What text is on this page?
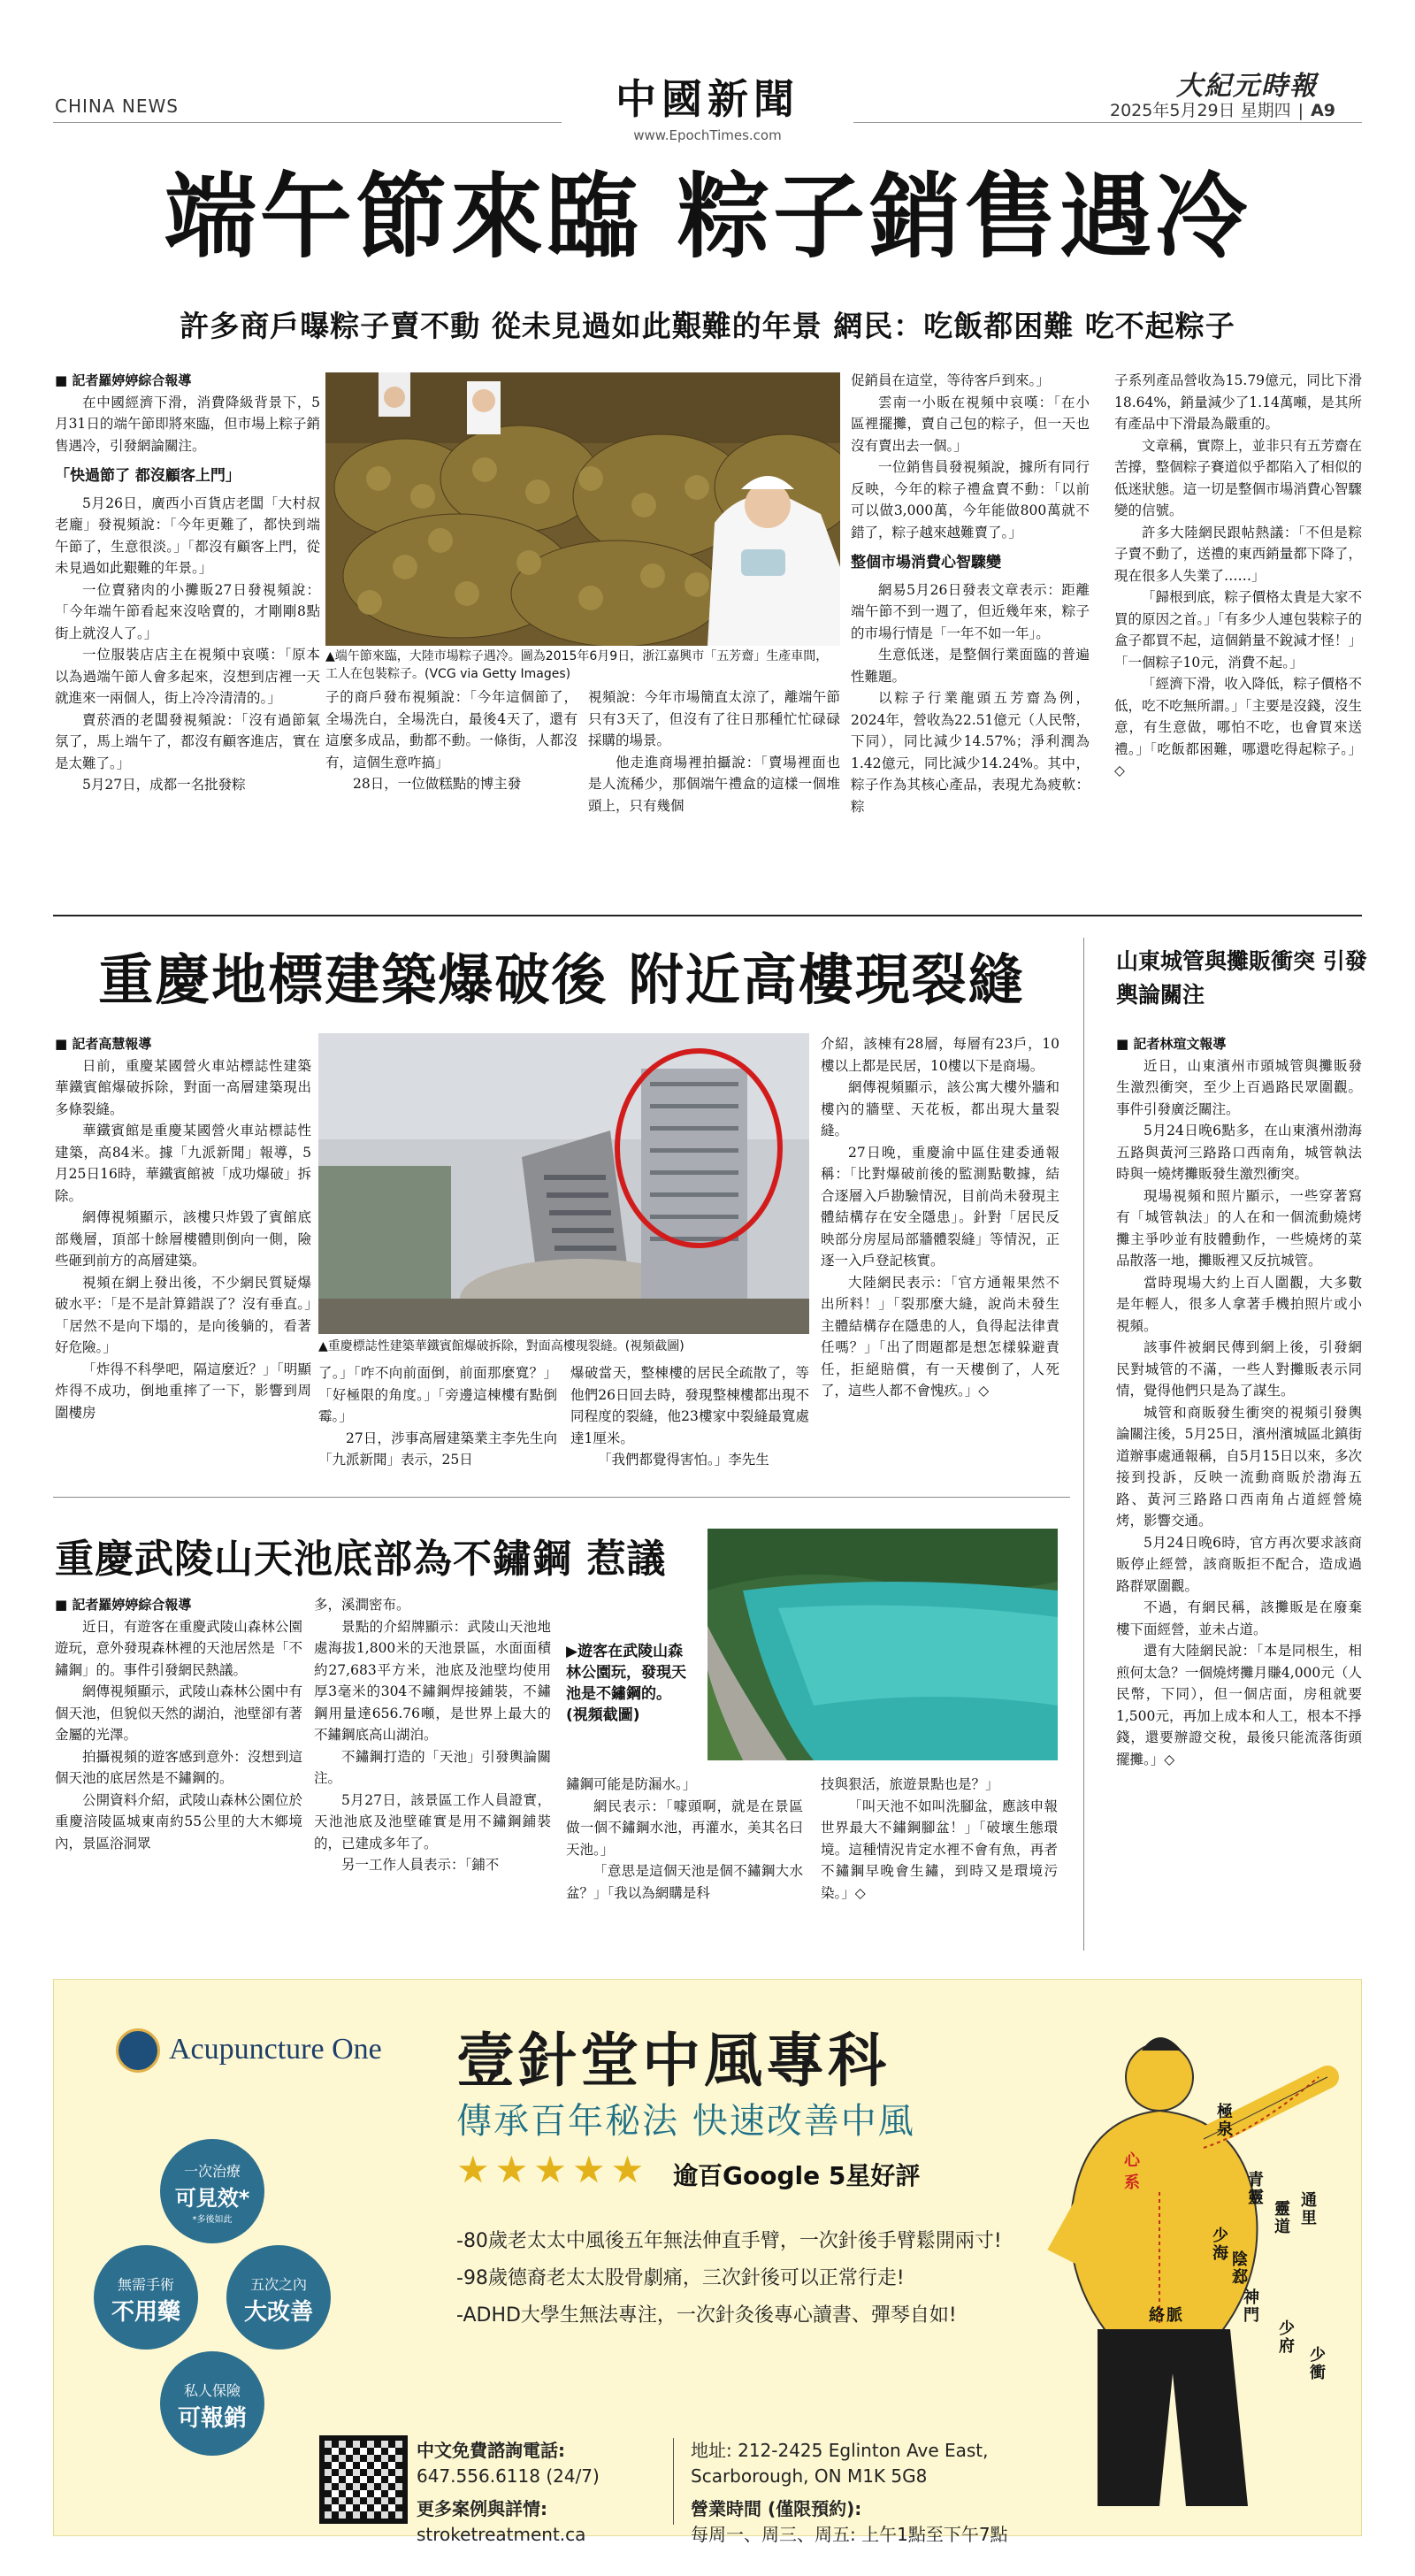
CHINA NEWS	中國新聞
www.EpochTimes.com
大紀元時報
2025年5月29日 星期四 | A9
端午節來臨 粽子銷售遇冷
許多商戶曝粽子賣不動 從未見過如此艱難的年景 網民：吃飯都困難 吃不起粽子

■ 記者羅婷婷綜合報導

在中國經濟下滑，消費降級背景下，5月31日的端午節即將來臨，但市場上粽子銷售遇冷，引發網論關注。

「快過節了 都沒顧客上門」

5月26日，廣西小百貨店老闆「大村叔老龐」發視頻說：「今年更難了，都快到端午節了，生意很淡。」「都沒有顧客上門，從未見過如此艱難的年景。」

一位賣豬肉的小攤販27日發視頻說：「今年端午節看起來沒啥賣的，才剛剛8點街上就沒人了。」

一位服裝店店主在視頻中哀嘆：「原本以為過端午節人會多起來，沒想到店裡一天就進來一兩個人，街上冷冷清清的。」

賣菸酒的老闆發視頻說：「沒有過節氣氛了，馬上端午了，都沒有顧客進店，實在是太難了。」

5月27日，成都一名批發粽

▲端午節來臨，大陸市場粽子遇冷。圖為2015年6月9日，浙江嘉興市「五芳齋」生產車間，工人在包裝粽子。(VCG via Getty Images)

子的商戶發布視頻說：「今年這個節了，全場洗白，全場洗白，最後4天了，還有這麼多成品，動都不動。一條街，人都沒有，這個生意咋搞」

28日，一位做糕點的博主發

視頻說：今年市場簡直太涼了，離端午節只有3天了，但沒有了往日那種忙忙碌碌採購的場景。

他走進商場裡拍攝說：「賣場裡面也是人流稀少，那個端午禮盒的這樣一個堆頭上，只有幾個

促銷員在這堂，等待客戶到來。」

雲南一小販在視頻中哀嘆：「在小區裡擺攤，賣自己包的粽子，但一天也沒有賣出去一個。」

一位銷售員發視頻說，據所有同行反映，今年的粽子禮盒賣不動：「以前可以做3,000萬，今年能做800萬就不錯了，粽子越來越難賣了。」

整個市場消費心智驟變

網易5月26日發表文章表示：距離端午節不到一週了，但近幾年來，粽子的市場行情是「一年不如一年」。

生意低迷，是整個行業面臨的普遍性難題。

以粽子行業龍頭五芳齋為例，2024年，營收為22.51億元（人民幣，下同），同比減少14.57%；淨利潤為1.42億元，同比減少14.24%。其中，粽子作為其核心產品，表現尤為疲軟：粽

子系列產品營收為15.79億元，同比下滑18.64%，銷量減少了1.14萬噸，是其所有產品中下滑最為嚴重的。

文章稱，實際上，並非只有五芳齋在苦撐，整個粽子賽道似乎都陷入了相似的低迷狀態。這一切是整個市場消費心智驟變的信號。

許多大陸網民跟帖熱議：「不但是粽子賣不動了，送禮的東西銷量都下降了，現在很多人失業了……」

「歸根到底，粽子價格太貴是大家不買的原因之首。」「有多少人連包裝粽子的盒子都買不起，這個銷量不銳減才怪！」「一個粽子10元，消費不起。」

「經濟下滑，收入降低，粽子價格不低，吃不吃無所謂。」「主要是沒錢，沒生意，有生意做，哪怕不吃，也會買來送禮。」「吃飯都困難，哪還吃得起粽子。」◇

重慶地標建築爆破後 附近高樓現裂縫

■ 記者高慧報導

日前，重慶某國營火車站標誌性建築華鐵賓館爆破拆除，對面一高層建築現出多條裂縫。

華鐵賓館是重慶某國營火車站標誌性建築，高84米。據「九派新聞」報導，5月25日16時，華鐵賓館被「成功爆破」拆除。

網傳視頻顯示，該樓只炸毀了賓館底部幾層，頂部十餘層樓體則倒向一側，險些砸到前方的高層建築。

視頻在網上發出後，不少網民質疑爆破水平：「是不是計算錯誤了？沒有垂直。」「居然不是向下塌的，是向後躺的，看著好危險。」

「炸得不科學吧，隔這麼近？」「明顯炸得不成功，倒地重摔了一下，影響到周圍樓房

▲重慶標誌性建築華鐵賓館爆破拆除，對面高樓現裂縫。(視頻截圖)

了。」「咋不向前面倒，前面那麼寬？」「好極限的角度。」「旁邊這棟樓有點倒霉。」

27日，涉事高層建築業主李先生向「九派新聞」表示，25日

爆破當天，整棟樓的居民全疏散了，等他們26日回去時，發現整棟樓都出現不同程度的裂縫，他23樓家中裂縫最寬處達1厘米。

「我們都覺得害怕。」李先生

介紹，該棟有28層，每層有23戶，10樓以上都是民居，10樓以下是商場。

網傳視頻顯示，該公寓大樓外牆和樓內的牆壁、天花板，都出現大量裂縫。

27日晚，重慶渝中區住建委通報稱：「比對爆破前後的監測點數據，結合逐層入戶勘驗情況，目前尚未發現主體結構存在安全隱患」。針對「居民反映部分房屋局部牆體裂縫」等情況，正逐一入戶登記核實。

大陸網民表示：「官方通報果然不出所料！」「裂那麼大縫，說尚未發生主體結構存在隱患的人，負得起法律責任嗎？」「出了問題都是想怎樣躲避責任，拒絕賠償，有一天樓倒了，人死了，這些人都不會愧疚。」◇

重慶武陵山天池底部為不鏽鋼 惹議

■ 記者羅婷婷綜合報導

近日，有遊客在重慶武陵山森林公園遊玩，意外發現森林裡的天池居然是「不鏽鋼」的。事件引發網民熱議。

網傳視頻顯示，武陵山森林公園中有個天池，但貌似天然的湖泊，池壁卻有著金屬的光澤。

拍攝視頻的遊客感到意外：沒想到這個天池的底居然是不鏽鋼的。

公開資料介紹，武陵山森林公園位於重慶涪陵區城東南約55公里的大木鄉境內，景區浴洞眾

多，溪澗密布。

景點的介紹牌顯示：武陵山天池地處海拔1,800米的天池景區，水面面積約27,683平方米，池底及池壁均使用厚3毫米的304不鏽鋼焊接鋪裝，不鏽鋼用量達656.76噸，是世界上最大的不鏽鋼底高山湖泊。

不鏽鋼打造的「天池」引發輿論關注。

5月27日，該景區工作人員證實，天池池底及池壁確實是用不鏽鋼鋪裝的，已建成多年了。

另一工作人員表示：「鋪不

▶遊客在武陵山森林公園玩，發現天池是不鏽鋼的。(視頻截圖)

鏽鋼可能是防漏水。」

網民表示：「噱頭啊，就是在景區做一個不鏽鋼水池，再灌水，美其名曰天池。」

「意思是這個天池是個不鏽鋼大水盆？」「我以為網購是科

技與狠活，旅遊景點也是？」

「叫天池不如叫洗腳盆，應該申報世界最大不鏽鋼腳盆！」「破壞生態環境。這種情況肯定水裡不會有魚，再者不鏽鋼早晚會生鏽，到時又是環境污染。」◇

山東城管與攤販衝突 引發輿論關注

■ 記者林瑄文報導

近日，山東濱州市頭城管與攤販發生激烈衝突，至少上百過路民眾圍觀。事件引發廣泛關注。

5月24日晚6點多，在山東濱州渤海五路與黃河三路路口西南角，城管執法時與一燒烤攤販發生激烈衝突。

現場視頻和照片顯示，一些穿著寫有「城管執法」的人在和一個流動燒烤攤主爭吵並有肢體動作，一些燒烤的菜品散落一地，攤販裡又反抗城管。

當時現場大約上百人圍觀，大多數是年輕人，很多人拿著手機拍照片或小視頻。

該事件被網民傳到網上後，引發網民對城管的不滿，一些人對攤販表示同情，覺得他們只是為了謀生。

城管和商販發生衝突的視頻引發輿論關注後，5月25日，濱州濱城區北鎮街道辦事處通報稱，自5月15日以來，多次接到投訴，反映一流動商販於渤海五路、黃河三路路口西南角占道經營燒烤，影響交通。

5月24日晚6時，官方再次要求該商販停止經營，該商販拒不配合，造成過路群眾圍觀。

不過，有網民稱，該攤販是在廢棄樓下面經營，並未占道。

還有大陸網民說：「本是同根生，相煎何太急？一個燒烤攤月賺4,000元（人民幣，下同），但一個店面，房租就要1,500元，再加上成本和人工，根本不掙錢，還要辦證交稅，最後只能流落街頭擺攤。」◇

Acupuncture One 壹針堂中風專科
傳承百年秘法 快速改善中風
★★★★★ 逾百Google 5星好評

-80歲老太太中風後五年無法伸直手臂，一次針後手臂鬆開兩寸!

-98歲德裔老太太股骨劇痛，三次針後可以正常行走!

-ADHD大學生無法專注，一次針灸後專心讀書、彈琴自如!

一次治療
可見效*
*多後如此
無需手術
不用藥
五次之內
大改善
私人保險
可報銷
中文免費諮詢電話:
647.556.6118 (24/7)
更多案例與詳情:
stroketreatment.ca
地址: 212-2425 Eglinton Ave East,
Scarborough, ON M1K 5G8
營業時間 (僅限預約):
每周一、周三、周五: 上午1點至下午7點
極
泉
心
系	青
靈
靈
道
通
里
少
海 陰
郄
神
門
少
府 少
衝
絡 脈
